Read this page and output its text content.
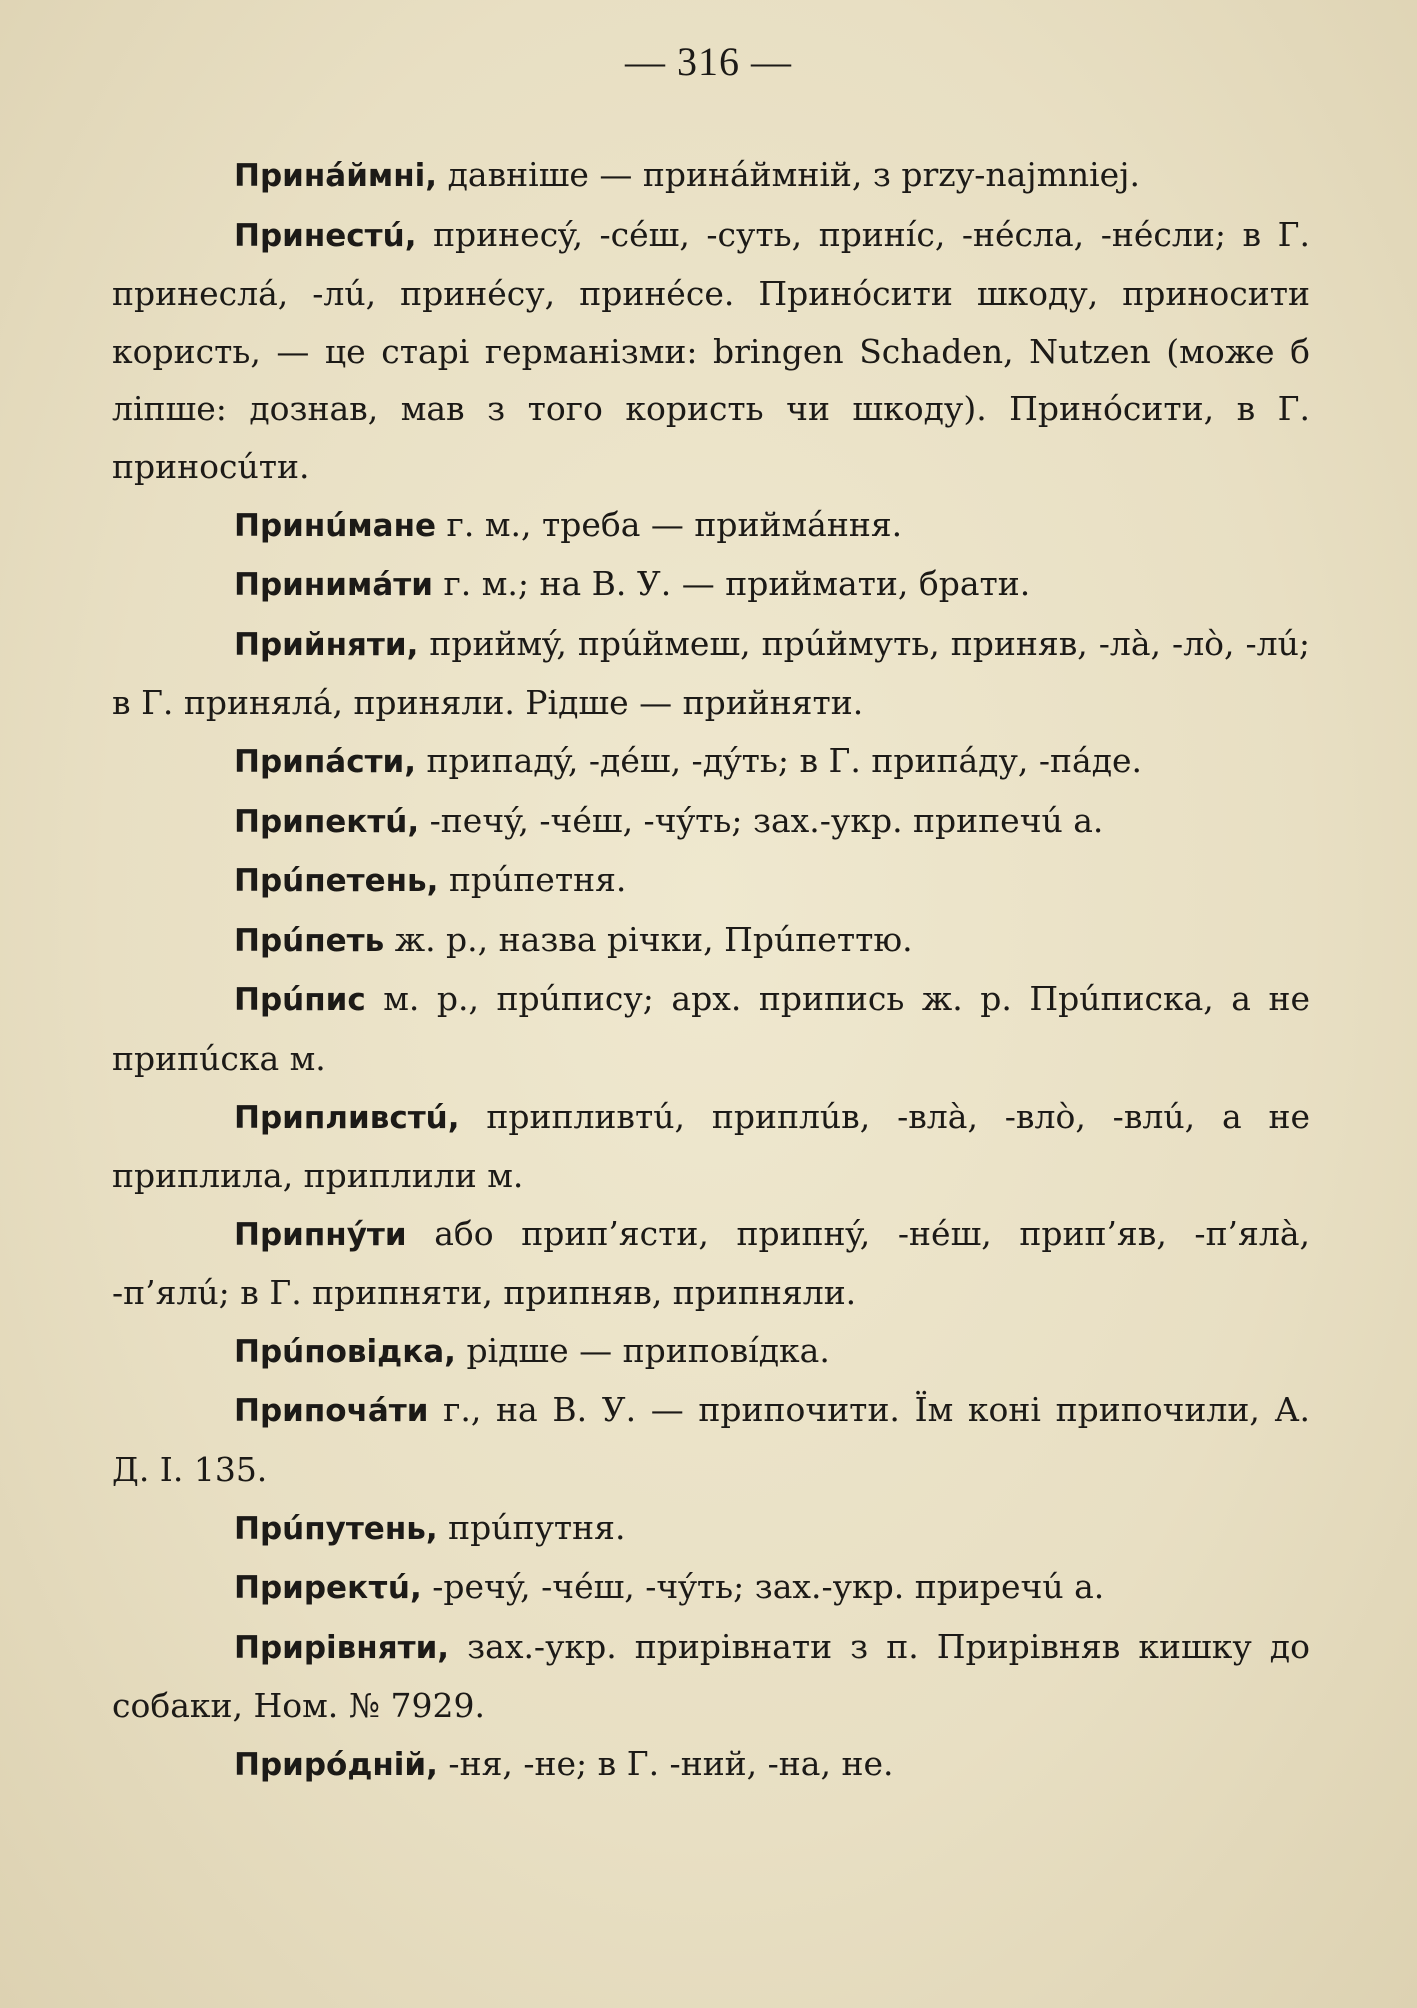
— 316 —

Принáймні, давніше — принáймній, з przy-najmniej.

Принестú, принесý, -сéш, -суть, принíс, -нéсла, -нéсли; в Г. принеслá, -лú, принéсу, принéсе. Принóсити шкоду, приносити користь, — це старі германізми: bringen Schaden, Nutzen (може б ліпше: дознав, мав з того користь чи шкоду). Принóсити, в Г. приносúти.

Принúмане г. м., треба — приймáння.

Принимáти г. м.; на В. У. — приймати, брати.

Прийняти, приймý, прúймеш, прúймуть, приняв, -лà, -лò, -лú; в Г. принялá, приняли. Рідше — прийняти.

Припáсти, припадý, -дéш, -дýть; в Г. припáду, -пáде.

Припектú, -печý, -чéш, -чýть; зах.-укр. припечú а.

Прúпетень, прúпетня.

Прúпеть ж. р., назва річки, Прúпеттю.

Прúпис м. р., прúпису; арх. припись ж. р. Прúписка, а не припúска м.

Припливстú, припливтú, приплúв, -влà, -влò, -влú, а не приплила, приплили м.

Припнýти або прип’ясти, припнý, -нéш, прип’яв, -п’ялà, -п’ялú; в Г. припняти, припняв, припняли.

Прúповідка, рідше — приповíдка.

Припочáти г., на В. У. — припочити. Їм коні припочили, А. Д. І. 135.

Прúпутень, прúпутня.

Прирекτú, -речý, -чéш, -чýть; зах.-укр. приречú а.

Прирівняти, зах.-укр. прирівнати з п. Прирівняв кишку до собаки, Ном. № 7929.

Прирóдній, -ня, -не; в Г. -ний, -на, не.
